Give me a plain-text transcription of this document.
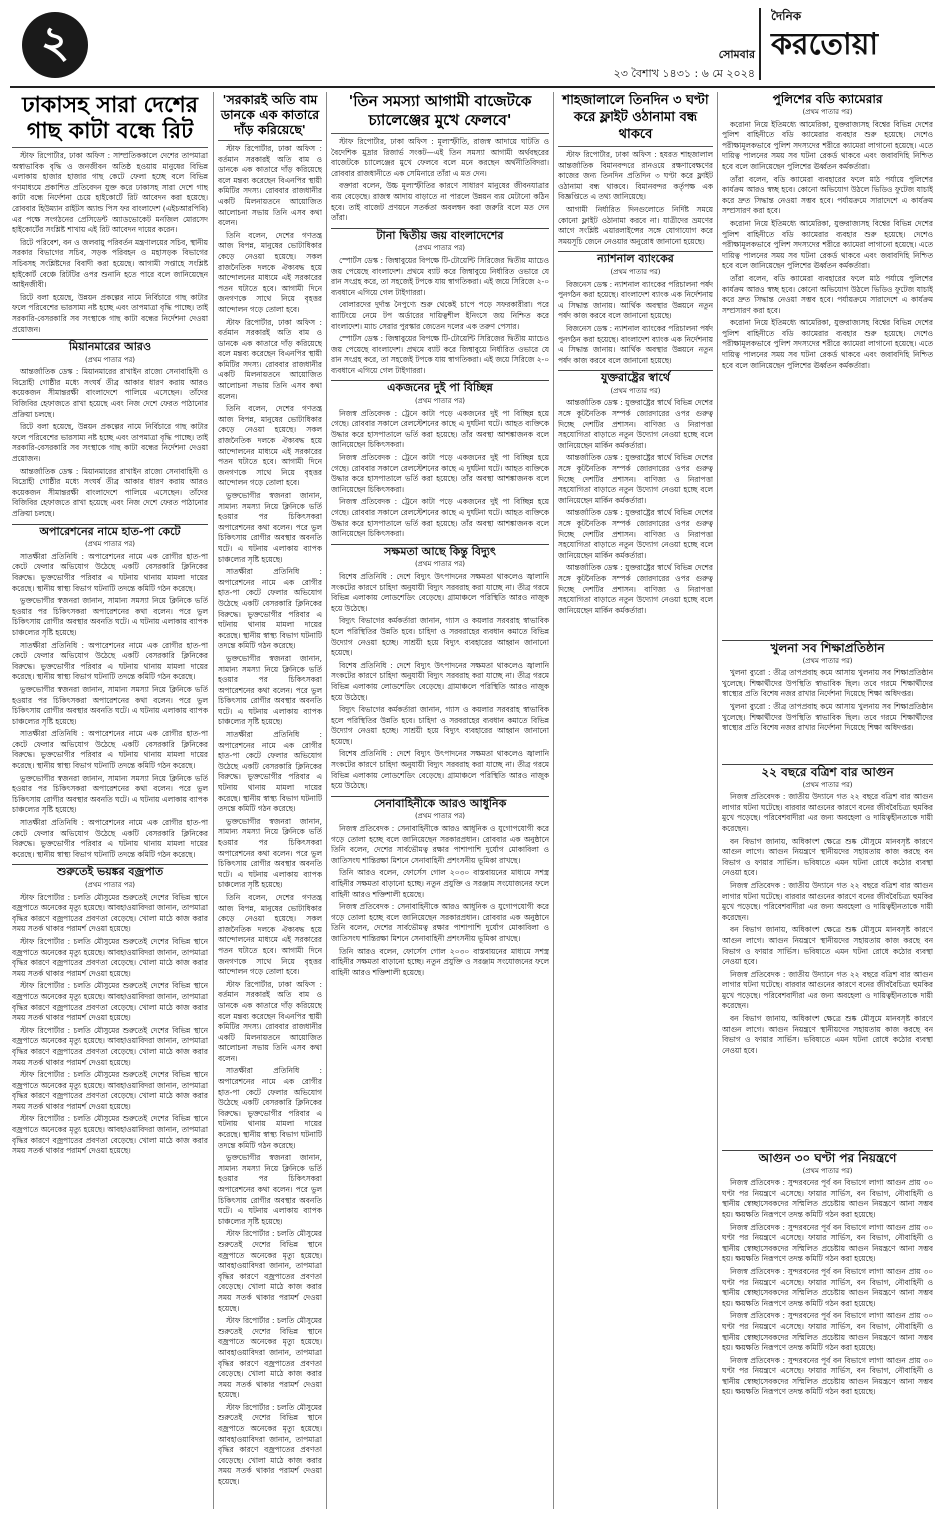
২	সোমবার
২৩ বৈশাখ ১৪৩১ : ৬ মে ২০২৪
দৈনিক
করতোয়া
ঢাকাসহ সারা দেশের গাছ কাটা বন্ধে রিট

স্টাফ রিপোর্টার, ঢাকা অফিস : সাম্প্রতিককালে দেশের তাপমাত্রা অস্বাভাবিক বৃদ্ধি ও জনজীবন অতিষ্ঠ হওয়ায় মানুষের বিভিন্ন এলাকায় হাজার হাজার গাছ কেটে ফেলা হচ্ছে বলে বিভিন্ন গণমাধ্যমে প্রকাশিত প্রতিবেদন যুক্ত করে ঢাকাসহ সারা দেশে গাছ কাটা বন্ধে নির্দেশনা চেয়ে হাইকোর্টে রিট আবেদন করা হয়েছে। রোববার হিউম্যান রাইটস অ্যান্ড পিস ফর বাংলাদেশ (এইচআরপিবি) এর পক্ষে সংগঠনের প্রেসিডেন্ট অ্যাডভোকেট মনজিল মোরসেদ হাইকোর্টের সংশ্লিষ্ট শাখায় এই রিট আবেদন দায়ের করেন।

রিটে পরিবেশ, বন ও জলবায়ু পরিবর্তন মন্ত্রণালয়ের সচিব, স্থানীয় সরকার বিভাগের সচিব, সড়ক পরিবহন ও মহাসড়ক বিভাগের সচিবসহ সংশ্লিষ্টদের বিবাদী করা হয়েছে। আগামী সপ্তাহে সংশ্লিষ্ট হাইকোর্ট বেঞ্চে রিটটির ওপর শুনানি হতে পারে বলে জানিয়েছেন আইনজীবী।

রিটে বলা হয়েছে, উন্নয়ন প্রকল্পের নামে নির্বিচারে গাছ কাটার ফলে পরিবেশের ভারসাম্য নষ্ট হচ্ছে এবং তাপমাত্রা বৃদ্ধি পাচ্ছে। তাই সরকারি-বেসরকারি সব সংস্থাকে গাছ কাটা বন্ধের নির্দেশনা দেওয়া প্রয়োজন।

মিয়ানমারের আরও
(প্রথম পাতার পর)

আন্তর্জাতিক ডেস্ক : মিয়ানমারের রাখাইন রাজ্যে সেনাবাহিনী ও বিদ্রোহী গোষ্ঠীর মধ্যে সংঘর্ষ তীব্র আকার ধারণ করায় আরও কয়েকজন সীমান্তরক্ষী বাংলাদেশে পালিয়ে এসেছেন। তাঁদের বিজিবির হেফাজতে রাখা হয়েছে এবং নিজ দেশে ফেরত পাঠানোর প্রক্রিয়া চলছে।

রিটে বলা হয়েছে, উন্নয়ন প্রকল্পের নামে নির্বিচারে গাছ কাটার ফলে পরিবেশের ভারসাম্য নষ্ট হচ্ছে এবং তাপমাত্রা বৃদ্ধি পাচ্ছে। তাই সরকারি-বেসরকারি সব সংস্থাকে গাছ কাটা বন্ধের নির্দেশনা দেওয়া প্রয়োজন।

আন্তর্জাতিক ডেস্ক : মিয়ানমারের রাখাইন রাজ্যে সেনাবাহিনী ও বিদ্রোহী গোষ্ঠীর মধ্যে সংঘর্ষ তীব্র আকার ধারণ করায় আরও কয়েকজন সীমান্তরক্ষী বাংলাদেশে পালিয়ে এসেছেন। তাঁদের বিজিবির হেফাজতে রাখা হয়েছে এবং নিজ দেশে ফেরত পাঠানোর প্রক্রিয়া চলছে।

অপারেশনের নামে হাত-পা কেটে
(প্রথম পাতার পর)

সাতক্ষীরা প্রতিনিধি : অপারেশনের নামে এক রোগীর হাত-পা কেটে ফেলার অভিযোগ উঠেছে একটি বেসরকারি ক্লিনিকের বিরুদ্ধে। ভুক্তভোগীর পরিবার এ ঘটনায় থানায় মামলা দায়ের করেছে। স্থানীয় স্বাস্থ্য বিভাগ ঘটনাটি তদন্তে কমিটি গঠন করেছে।

ভুক্তভোগীর স্বজনরা জানান, সামান্য সমস্যা নিয়ে ক্লিনিকে ভর্তি হওয়ার পর চিকিৎসকরা অপারেশনের কথা বলেন। পরে ভুল চিকিৎসায় রোগীর অবস্থার অবনতি ঘটে। এ ঘটনায় এলাকায় ব্যাপক চাঞ্চল্যের সৃষ্টি হয়েছে।

সাতক্ষীরা প্রতিনিধি : অপারেশনের নামে এক রোগীর হাত-পা কেটে ফেলার অভিযোগ উঠেছে একটি বেসরকারি ক্লিনিকের বিরুদ্ধে। ভুক্তভোগীর পরিবার এ ঘটনায় থানায় মামলা দায়ের করেছে। স্থানীয় স্বাস্থ্য বিভাগ ঘটনাটি তদন্তে কমিটি গঠন করেছে।

ভুক্তভোগীর স্বজনরা জানান, সামান্য সমস্যা নিয়ে ক্লিনিকে ভর্তি হওয়ার পর চিকিৎসকরা অপারেশনের কথা বলেন। পরে ভুল চিকিৎসায় রোগীর অবস্থার অবনতি ঘটে। এ ঘটনায় এলাকায় ব্যাপক চাঞ্চল্যের সৃষ্টি হয়েছে।

সাতক্ষীরা প্রতিনিধি : অপারেশনের নামে এক রোগীর হাত-পা কেটে ফেলার অভিযোগ উঠেছে একটি বেসরকারি ক্লিনিকের বিরুদ্ধে। ভুক্তভোগীর পরিবার এ ঘটনায় থানায় মামলা দায়ের করেছে। স্থানীয় স্বাস্থ্য বিভাগ ঘটনাটি তদন্তে কমিটি গঠন করেছে।

ভুক্তভোগীর স্বজনরা জানান, সামান্য সমস্যা নিয়ে ক্লিনিকে ভর্তি হওয়ার পর চিকিৎসকরা অপারেশনের কথা বলেন। পরে ভুল চিকিৎসায় রোগীর অবস্থার অবনতি ঘটে। এ ঘটনায় এলাকায় ব্যাপক চাঞ্চল্যের সৃষ্টি হয়েছে।

সাতক্ষীরা প্রতিনিধি : অপারেশনের নামে এক রোগীর হাত-পা কেটে ফেলার অভিযোগ উঠেছে একটি বেসরকারি ক্লিনিকের বিরুদ্ধে। ভুক্তভোগীর পরিবার এ ঘটনায় থানায় মামলা দায়ের করেছে। স্থানীয় স্বাস্থ্য বিভাগ ঘটনাটি তদন্তে কমিটি গঠন করেছে।

শুরুতেই ভয়ঙ্কর বজ্রপাত
(প্রথম পাতার পর)

স্টাফ রিপোর্টার : চলতি মৌসুমের শুরুতেই দেশের বিভিন্ন স্থানে বজ্রপাতে অনেকের মৃত্যু হয়েছে। আবহাওয়াবিদরা জানান, তাপমাত্রা বৃদ্ধির কারণে বজ্রপাতের প্রবণতা বেড়েছে। খোলা মাঠে কাজ করার সময় সতর্ক থাকার পরামর্শ দেওয়া হয়েছে।

স্টাফ রিপোর্টার : চলতি মৌসুমের শুরুতেই দেশের বিভিন্ন স্থানে বজ্রপাতে অনেকের মৃত্যু হয়েছে। আবহাওয়াবিদরা জানান, তাপমাত্রা বৃদ্ধির কারণে বজ্রপাতের প্রবণতা বেড়েছে। খোলা মাঠে কাজ করার সময় সতর্ক থাকার পরামর্শ দেওয়া হয়েছে।

স্টাফ রিপোর্টার : চলতি মৌসুমের শুরুতেই দেশের বিভিন্ন স্থানে বজ্রপাতে অনেকের মৃত্যু হয়েছে। আবহাওয়াবিদরা জানান, তাপমাত্রা বৃদ্ধির কারণে বজ্রপাতের প্রবণতা বেড়েছে। খোলা মাঠে কাজ করার সময় সতর্ক থাকার পরামর্শ দেওয়া হয়েছে।

স্টাফ রিপোর্টার : চলতি মৌসুমের শুরুতেই দেশের বিভিন্ন স্থানে বজ্রপাতে অনেকের মৃত্যু হয়েছে। আবহাওয়াবিদরা জানান, তাপমাত্রা বৃদ্ধির কারণে বজ্রপাতের প্রবণতা বেড়েছে। খোলা মাঠে কাজ করার সময় সতর্ক থাকার পরামর্শ দেওয়া হয়েছে।

স্টাফ রিপোর্টার : চলতি মৌসুমের শুরুতেই দেশের বিভিন্ন স্থানে বজ্রপাতে অনেকের মৃত্যু হয়েছে। আবহাওয়াবিদরা জানান, তাপমাত্রা বৃদ্ধির কারণে বজ্রপাতের প্রবণতা বেড়েছে। খোলা মাঠে কাজ করার সময় সতর্ক থাকার পরামর্শ দেওয়া হয়েছে।

স্টাফ রিপোর্টার : চলতি মৌসুমের শুরুতেই দেশের বিভিন্ন স্থানে বজ্রপাতে অনেকের মৃত্যু হয়েছে। আবহাওয়াবিদরা জানান, তাপমাত্রা বৃদ্ধির কারণে বজ্রপাতের প্রবণতা বেড়েছে। খোলা মাঠে কাজ করার সময় সতর্ক থাকার পরামর্শ দেওয়া হয়েছে।

'সরকারই অতি বাম ডানকে এক কাতারে দাঁড় করিয়েছে'

স্টাফ রিপোর্টার, ঢাকা অফিস : বর্তমান সরকারই অতি বাম ও ডানকে এক কাতারে দাঁড় করিয়েছে বলে মন্তব্য করেছেন বিএনপির স্থায়ী কমিটির সদস্য। রোববার রাজধানীর একটি মিলনায়তনে আয়োজিত আলোচনা সভায় তিনি এসব কথা বলেন।

তিনি বলেন, দেশের গণতন্ত্র আজ বিপন্ন, মানুষের ভোটাধিকার কেড়ে নেওয়া হয়েছে। সকল রাজনৈতিক দলকে ঐক্যবদ্ধ হয়ে আন্দোলনের মাধ্যমে এই সরকারের পতন ঘটাতে হবে। আগামী দিনে জনগণকে সাথে নিয়ে বৃহত্তর আন্দোলন গড়ে তোলা হবে।

স্টাফ রিপোর্টার, ঢাকা অফিস : বর্তমান সরকারই অতি বাম ও ডানকে এক কাতারে দাঁড় করিয়েছে বলে মন্তব্য করেছেন বিএনপির স্থায়ী কমিটির সদস্য। রোববার রাজধানীর একটি মিলনায়তনে আয়োজিত আলোচনা সভায় তিনি এসব কথা বলেন।

তিনি বলেন, দেশের গণতন্ত্র আজ বিপন্ন, মানুষের ভোটাধিকার কেড়ে নেওয়া হয়েছে। সকল রাজনৈতিক দলকে ঐক্যবদ্ধ হয়ে আন্দোলনের মাধ্যমে এই সরকারের পতন ঘটাতে হবে। আগামী দিনে জনগণকে সাথে নিয়ে বৃহত্তর আন্দোলন গড়ে তোলা হবে।

ভুক্তভোগীর স্বজনরা জানান, সামান্য সমস্যা নিয়ে ক্লিনিকে ভর্তি হওয়ার পর চিকিৎসকরা অপারেশনের কথা বলেন। পরে ভুল চিকিৎসায় রোগীর অবস্থার অবনতি ঘটে। এ ঘটনায় এলাকায় ব্যাপক চাঞ্চল্যের সৃষ্টি হয়েছে।

সাতক্ষীরা প্রতিনিধি : অপারেশনের নামে এক রোগীর হাত-পা কেটে ফেলার অভিযোগ উঠেছে একটি বেসরকারি ক্লিনিকের বিরুদ্ধে। ভুক্তভোগীর পরিবার এ ঘটনায় থানায় মামলা দায়ের করেছে। স্থানীয় স্বাস্থ্য বিভাগ ঘটনাটি তদন্তে কমিটি গঠন করেছে।

ভুক্তভোগীর স্বজনরা জানান, সামান্য সমস্যা নিয়ে ক্লিনিকে ভর্তি হওয়ার পর চিকিৎসকরা অপারেশনের কথা বলেন। পরে ভুল চিকিৎসায় রোগীর অবস্থার অবনতি ঘটে। এ ঘটনায় এলাকায় ব্যাপক চাঞ্চল্যের সৃষ্টি হয়েছে।

সাতক্ষীরা প্রতিনিধি : অপারেশনের নামে এক রোগীর হাত-পা কেটে ফেলার অভিযোগ উঠেছে একটি বেসরকারি ক্লিনিকের বিরুদ্ধে। ভুক্তভোগীর পরিবার এ ঘটনায় থানায় মামলা দায়ের করেছে। স্থানীয় স্বাস্থ্য বিভাগ ঘটনাটি তদন্তে কমিটি গঠন করেছে।

ভুক্তভোগীর স্বজনরা জানান, সামান্য সমস্যা নিয়ে ক্লিনিকে ভর্তি হওয়ার পর চিকিৎসকরা অপারেশনের কথা বলেন। পরে ভুল চিকিৎসায় রোগীর অবস্থার অবনতি ঘটে। এ ঘটনায় এলাকায় ব্যাপক চাঞ্চল্যের সৃষ্টি হয়েছে।

তিনি বলেন, দেশের গণতন্ত্র আজ বিপন্ন, মানুষের ভোটাধিকার কেড়ে নেওয়া হয়েছে। সকল রাজনৈতিক দলকে ঐক্যবদ্ধ হয়ে আন্দোলনের মাধ্যমে এই সরকারের পতন ঘটাতে হবে। আগামী দিনে জনগণকে সাথে নিয়ে বৃহত্তর আন্দোলন গড়ে তোলা হবে।

স্টাফ রিপোর্টার, ঢাকা অফিস : বর্তমান সরকারই অতি বাম ও ডানকে এক কাতারে দাঁড় করিয়েছে বলে মন্তব্য করেছেন বিএনপির স্থায়ী কমিটির সদস্য। রোববার রাজধানীর একটি মিলনায়তনে আয়োজিত আলোচনা সভায় তিনি এসব কথা বলেন।

সাতক্ষীরা প্রতিনিধি : অপারেশনের নামে এক রোগীর হাত-পা কেটে ফেলার অভিযোগ উঠেছে একটি বেসরকারি ক্লিনিকের বিরুদ্ধে। ভুক্তভোগীর পরিবার এ ঘটনায় থানায় মামলা দায়ের করেছে। স্থানীয় স্বাস্থ্য বিভাগ ঘটনাটি তদন্তে কমিটি গঠন করেছে।

ভুক্তভোগীর স্বজনরা জানান, সামান্য সমস্যা নিয়ে ক্লিনিকে ভর্তি হওয়ার পর চিকিৎসকরা অপারেশনের কথা বলেন। পরে ভুল চিকিৎসায় রোগীর অবস্থার অবনতি ঘটে। এ ঘটনায় এলাকায় ব্যাপক চাঞ্চল্যের সৃষ্টি হয়েছে।

স্টাফ রিপোর্টার : চলতি মৌসুমের শুরুতেই দেশের বিভিন্ন স্থানে বজ্রপাতে অনেকের মৃত্যু হয়েছে। আবহাওয়াবিদরা জানান, তাপমাত্রা বৃদ্ধির কারণে বজ্রপাতের প্রবণতা বেড়েছে। খোলা মাঠে কাজ করার সময় সতর্ক থাকার পরামর্শ দেওয়া হয়েছে।

স্টাফ রিপোর্টার : চলতি মৌসুমের শুরুতেই দেশের বিভিন্ন স্থানে বজ্রপাতে অনেকের মৃত্যু হয়েছে। আবহাওয়াবিদরা জানান, তাপমাত্রা বৃদ্ধির কারণে বজ্রপাতের প্রবণতা বেড়েছে। খোলা মাঠে কাজ করার সময় সতর্ক থাকার পরামর্শ দেওয়া হয়েছে।

স্টাফ রিপোর্টার : চলতি মৌসুমের শুরুতেই দেশের বিভিন্ন স্থানে বজ্রপাতে অনেকের মৃত্যু হয়েছে। আবহাওয়াবিদরা জানান, তাপমাত্রা বৃদ্ধির কারণে বজ্রপাতের প্রবণতা বেড়েছে। খোলা মাঠে কাজ করার সময় সতর্ক থাকার পরামর্শ দেওয়া হয়েছে।

'তিন সমস্যা আগামী বাজেটকে চ্যালেঞ্জের মুখে ফেলবে'

স্টাফ রিপোর্টার, ঢাকা অফিস : মূল্যস্ফীতি, রাজস্ব আদায়ে ঘাটতি ও বৈদেশিক মুদ্রার রিজার্ভ সংকট—এই তিন সমস্যা আগামী অর্থবছরের বাজেটকে চ্যালেঞ্জের মুখে ফেলবে বলে মনে করছেন অর্থনীতিবিদরা। রোববার রাজধানীতে এক সেমিনারে তাঁরা এ মত দেন।

বক্তারা বলেন, উচ্চ মূল্যস্ফীতির কারণে সাধারণ মানুষের জীবনযাত্রার ব্যয় বেড়েছে। রাজস্ব আদায় বাড়াতে না পারলে উন্নয়ন ব্যয় মেটানো কঠিন হবে। তাই বাজেট প্রণয়নে সতর্কতা অবলম্বন করা জরুরি বলে মত দেন তাঁরা।

টানা দ্বিতীয় জয় বাংলাদেশের
(প্রথম পাতার পর)

স্পোর্টস ডেস্ক : জিম্বাবুয়ের বিপক্ষে টি-টোয়েন্টি সিরিজের দ্বিতীয় ম্যাচেও জয় পেয়েছে বাংলাদেশ। প্রথমে ব্যাট করে জিম্বাবুয়ে নির্ধারিত ওভারে যে রান সংগ্রহ করে, তা সহজেই টপকে যায় স্বাগতিকরা। এই জয়ে সিরিজে ২-০ ব্যবধানে এগিয়ে গেল টাইগাররা।

বোলারদের দুর্দান্ত নৈপুণ্যে শুরু থেকেই চাপে পড়ে সফরকারীরা। পরে ব্যাটিংয়ে নেমে টপ অর্ডারের দায়িত্বশীল ইনিংসে জয় নিশ্চিত করে বাংলাদেশ। ম্যাচ সেরার পুরস্কার জেতেন দলের এক তরুণ পেসার।

স্পোর্টস ডেস্ক : জিম্বাবুয়ের বিপক্ষে টি-টোয়েন্টি সিরিজের দ্বিতীয় ম্যাচেও জয় পেয়েছে বাংলাদেশ। প্রথমে ব্যাট করে জিম্বাবুয়ে নির্ধারিত ওভারে যে রান সংগ্রহ করে, তা সহজেই টপকে যায় স্বাগতিকরা। এই জয়ে সিরিজে ২-০ ব্যবধানে এগিয়ে গেল টাইগাররা।

একজনের দুই পা বিচ্ছিন্ন
(প্রথম পাতার পর)

নিজস্ব প্রতিবেদক : ট্রেনে কাটা পড়ে একজনের দুই পা বিচ্ছিন্ন হয়ে গেছে। রোববার সকালে রেলস্টেশনের কাছে এ দুর্ঘটনা ঘটে। আহত ব্যক্তিকে উদ্ধার করে হাসপাতালে ভর্তি করা হয়েছে। তাঁর অবস্থা আশঙ্কাজনক বলে জানিয়েছেন চিকিৎসকরা।

নিজস্ব প্রতিবেদক : ট্রেনে কাটা পড়ে একজনের দুই পা বিচ্ছিন্ন হয়ে গেছে। রোববার সকালে রেলস্টেশনের কাছে এ দুর্ঘটনা ঘটে। আহত ব্যক্তিকে উদ্ধার করে হাসপাতালে ভর্তি করা হয়েছে। তাঁর অবস্থা আশঙ্কাজনক বলে জানিয়েছেন চিকিৎসকরা।

নিজস্ব প্রতিবেদক : ট্রেনে কাটা পড়ে একজনের দুই পা বিচ্ছিন্ন হয়ে গেছে। রোববার সকালে রেলস্টেশনের কাছে এ দুর্ঘটনা ঘটে। আহত ব্যক্তিকে উদ্ধার করে হাসপাতালে ভর্তি করা হয়েছে। তাঁর অবস্থা আশঙ্কাজনক বলে জানিয়েছেন চিকিৎসকরা।

সক্ষমতা আছে কিন্তু বিদ্যুৎ
(প্রথম পাতার পর)

বিশেষ প্রতিনিধি : দেশে বিদ্যুৎ উৎপাদনের সক্ষমতা থাকলেও জ্বালানি সংকটের কারণে চাহিদা অনুযায়ী বিদ্যুৎ সরবরাহ করা যাচ্ছে না। তীব্র গরমে বিভিন্ন এলাকায় লোডশেডিং বেড়েছে। গ্রামাঞ্চলে পরিস্থিতি আরও নাজুক হয়ে উঠেছে।

বিদ্যুৎ বিভাগের কর্মকর্তারা জানান, গ্যাস ও কয়লার সরবরাহ স্বাভাবিক হলে পরিস্থিতির উন্নতি হবে। চাহিদা ও সরবরাহের ব্যবধান কমাতে বিভিন্ন উদ্যোগ নেওয়া হচ্ছে। সাশ্রয়ী হয়ে বিদ্যুৎ ব্যবহারের আহ্বান জানানো হয়েছে।

বিশেষ প্রতিনিধি : দেশে বিদ্যুৎ উৎপাদনের সক্ষমতা থাকলেও জ্বালানি সংকটের কারণে চাহিদা অনুযায়ী বিদ্যুৎ সরবরাহ করা যাচ্ছে না। তীব্র গরমে বিভিন্ন এলাকায় লোডশেডিং বেড়েছে। গ্রামাঞ্চলে পরিস্থিতি আরও নাজুক হয়ে উঠেছে।

বিদ্যুৎ বিভাগের কর্মকর্তারা জানান, গ্যাস ও কয়লার সরবরাহ স্বাভাবিক হলে পরিস্থিতির উন্নতি হবে। চাহিদা ও সরবরাহের ব্যবধান কমাতে বিভিন্ন উদ্যোগ নেওয়া হচ্ছে। সাশ্রয়ী হয়ে বিদ্যুৎ ব্যবহারের আহ্বান জানানো হয়েছে।

বিশেষ প্রতিনিধি : দেশে বিদ্যুৎ উৎপাদনের সক্ষমতা থাকলেও জ্বালানি সংকটের কারণে চাহিদা অনুযায়ী বিদ্যুৎ সরবরাহ করা যাচ্ছে না। তীব্র গরমে বিভিন্ন এলাকায় লোডশেডিং বেড়েছে। গ্রামাঞ্চলে পরিস্থিতি আরও নাজুক হয়ে উঠেছে।

সেনাবাহিনীকে আরও আধুনিক
(প্রথম পাতার পর)

নিজস্ব প্রতিবেদক : সেনাবাহিনীকে আরও আধুনিক ও যুগোপযোগী করে গড়ে তোলা হচ্ছে বলে জানিয়েছেন সরকারপ্রধান। রোববার এক অনুষ্ঠানে তিনি বলেন, দেশের সার্বভৌমত্ব রক্ষার পাশাপাশি দুর্যোগ মোকাবিলা ও জাতিসংঘ শান্তিরক্ষা মিশনে সেনাবাহিনী প্রশংসনীয় ভূমিকা রাখছে।

তিনি আরও বলেন, ফোর্সেস গোল ২০৩০ বাস্তবায়নের মাধ্যমে সশস্ত্র বাহিনীর সক্ষমতা বাড়ানো হচ্ছে। নতুন প্রযুক্তি ও সরঞ্জাম সংযোজনের ফলে বাহিনী আরও শক্তিশালী হয়েছে।

নিজস্ব প্রতিবেদক : সেনাবাহিনীকে আরও আধুনিক ও যুগোপযোগী করে গড়ে তোলা হচ্ছে বলে জানিয়েছেন সরকারপ্রধান। রোববার এক অনুষ্ঠানে তিনি বলেন, দেশের সার্বভৌমত্ব রক্ষার পাশাপাশি দুর্যোগ মোকাবিলা ও জাতিসংঘ শান্তিরক্ষা মিশনে সেনাবাহিনী প্রশংসনীয় ভূমিকা রাখছে।

তিনি আরও বলেন, ফোর্সেস গোল ২০৩০ বাস্তবায়নের মাধ্যমে সশস্ত্র বাহিনীর সক্ষমতা বাড়ানো হচ্ছে। নতুন প্রযুক্তি ও সরঞ্জাম সংযোজনের ফলে বাহিনী আরও শক্তিশালী হয়েছে।

শাহজালালে তিনদিন ৩ ঘণ্টা করে ফ্লাইট ওঠানামা বন্ধ থাকবে

স্টাফ রিপোর্টার, ঢাকা অফিস : হযরত শাহজালাল আন্তর্জাতিক বিমানবন্দরে রানওয়ে রক্ষণাবেক্ষণের কাজের জন্য তিনদিন প্রতিদিন ৩ ঘণ্টা করে ফ্লাইট ওঠানামা বন্ধ থাকবে। বিমানবন্দর কর্তৃপক্ষ এক বিজ্ঞপ্তিতে এ তথ্য জানিয়েছে।

আগামী নির্ধারিত দিনগুলোতে নির্দিষ্ট সময়ে কোনো ফ্লাইট ওঠানামা করবে না। যাত্রীদের ভ্রমণের আগে সংশ্লিষ্ট এয়ারলাইন্সের সঙ্গে যোগাযোগ করে সময়সূচি জেনে নেওয়ার অনুরোধ জানানো হয়েছে।

ন্যাশনাল ব্যাংকের
(প্রথম পাতার পর)

বিজনেস ডেস্ক : ন্যাশনাল ব্যাংকের পরিচালনা পর্ষদ পুনর্গঠন করা হয়েছে। বাংলাদেশ ব্যাংক এক নির্দেশনায় এ সিদ্ধান্ত জানায়। আর্থিক অবস্থার উন্নয়নে নতুন পর্ষদ কাজ করবে বলে জানানো হয়েছে।

বিজনেস ডেস্ক : ন্যাশনাল ব্যাংকের পরিচালনা পর্ষদ পুনর্গঠন করা হয়েছে। বাংলাদেশ ব্যাংক এক নির্দেশনায় এ সিদ্ধান্ত জানায়। আর্থিক অবস্থার উন্নয়নে নতুন পর্ষদ কাজ করবে বলে জানানো হয়েছে।

যুক্তরাষ্ট্রের স্বার্থে
(প্রথম পাতার পর)

আন্তর্জাতিক ডেস্ক : যুক্তরাষ্ট্রের স্বার্থে বিভিন্ন দেশের সঙ্গে কূটনৈতিক সম্পর্ক জোরদারের ওপর গুরুত্ব দিচ্ছে দেশটির প্রশাসন। বাণিজ্য ও নিরাপত্তা সহযোগিতা বাড়াতে নতুন উদ্যোগ নেওয়া হচ্ছে বলে জানিয়েছেন মার্কিন কর্মকর্তারা।

আন্তর্জাতিক ডেস্ক : যুক্তরাষ্ট্রের স্বার্থে বিভিন্ন দেশের সঙ্গে কূটনৈতিক সম্পর্ক জোরদারের ওপর গুরুত্ব দিচ্ছে দেশটির প্রশাসন। বাণিজ্য ও নিরাপত্তা সহযোগিতা বাড়াতে নতুন উদ্যোগ নেওয়া হচ্ছে বলে জানিয়েছেন মার্কিন কর্মকর্তারা।

আন্তর্জাতিক ডেস্ক : যুক্তরাষ্ট্রের স্বার্থে বিভিন্ন দেশের সঙ্গে কূটনৈতিক সম্পর্ক জোরদারের ওপর গুরুত্ব দিচ্ছে দেশটির প্রশাসন। বাণিজ্য ও নিরাপত্তা সহযোগিতা বাড়াতে নতুন উদ্যোগ নেওয়া হচ্ছে বলে জানিয়েছেন মার্কিন কর্মকর্তারা।

আন্তর্জাতিক ডেস্ক : যুক্তরাষ্ট্রের স্বার্থে বিভিন্ন দেশের সঙ্গে কূটনৈতিক সম্পর্ক জোরদারের ওপর গুরুত্ব দিচ্ছে দেশটির প্রশাসন। বাণিজ্য ও নিরাপত্তা সহযোগিতা বাড়াতে নতুন উদ্যোগ নেওয়া হচ্ছে বলে জানিয়েছেন মার্কিন কর্মকর্তারা।

পুলিশের বডি ক্যামেরার
(প্রথম পাতার পর)

করোনা নিয়ে ইতিমধ্যে আমেরিকা, যুক্তরাজ্যসহ বিশ্বের বিভিন্ন দেশের পুলিশ বাহিনীতে বডি ক্যামেরার ব্যবহার শুরু হয়েছে। দেশেও পরীক্ষামূলকভাবে পুলিশ সদস্যদের শরীরে ক্যামেরা লাগানো হয়েছে। এতে দায়িত্ব পালনের সময় সব ঘটনা রেকর্ড থাকবে এবং জবাবদিহি নিশ্চিত হবে বলে জানিয়েছেন পুলিশের ঊর্ধ্বতন কর্মকর্তারা।

তাঁরা বলেন, বডি ক্যামেরা ব্যবহারের ফলে মাঠ পর্যায়ে পুলিশের কার্যক্রম আরও স্বচ্ছ হবে। কোনো অভিযোগ উঠলে ভিডিও ফুটেজ যাচাই করে দ্রুত সিদ্ধান্ত নেওয়া সম্ভব হবে। পর্যায়ক্রমে সারাদেশে এ কার্যক্রম সম্প্রসারণ করা হবে।

করোনা নিয়ে ইতিমধ্যে আমেরিকা, যুক্তরাজ্যসহ বিশ্বের বিভিন্ন দেশের পুলিশ বাহিনীতে বডি ক্যামেরার ব্যবহার শুরু হয়েছে। দেশেও পরীক্ষামূলকভাবে পুলিশ সদস্যদের শরীরে ক্যামেরা লাগানো হয়েছে। এতে দায়িত্ব পালনের সময় সব ঘটনা রেকর্ড থাকবে এবং জবাবদিহি নিশ্চিত হবে বলে জানিয়েছেন পুলিশের ঊর্ধ্বতন কর্মকর্তারা।

তাঁরা বলেন, বডি ক্যামেরা ব্যবহারের ফলে মাঠ পর্যায়ে পুলিশের কার্যক্রম আরও স্বচ্ছ হবে। কোনো অভিযোগ উঠলে ভিডিও ফুটেজ যাচাই করে দ্রুত সিদ্ধান্ত নেওয়া সম্ভব হবে। পর্যায়ক্রমে সারাদেশে এ কার্যক্রম সম্প্রসারণ করা হবে।

করোনা নিয়ে ইতিমধ্যে আমেরিকা, যুক্তরাজ্যসহ বিশ্বের বিভিন্ন দেশের পুলিশ বাহিনীতে বডি ক্যামেরার ব্যবহার শুরু হয়েছে। দেশেও পরীক্ষামূলকভাবে পুলিশ সদস্যদের শরীরে ক্যামেরা লাগানো হয়েছে। এতে দায়িত্ব পালনের সময় সব ঘটনা রেকর্ড থাকবে এবং জবাবদিহি নিশ্চিত হবে বলে জানিয়েছেন পুলিশের ঊর্ধ্বতন কর্মকর্তারা।

খুলনা সব শিক্ষাপ্রতিষ্ঠান
(প্রথম পাতার পর)

খুলনা ব্যুরো : তীব্র তাপপ্রবাহ কমে আসায় খুলনায় সব শিক্ষাপ্রতিষ্ঠান খুলেছে। শিক্ষার্থীদের উপস্থিতি স্বাভাবিক ছিল। তবে গরমে শিক্ষার্থীদের স্বাস্থ্যের প্রতি বিশেষ নজর রাখার নির্দেশনা দিয়েছে শিক্ষা অধিদপ্তর।

খুলনা ব্যুরো : তীব্র তাপপ্রবাহ কমে আসায় খুলনায় সব শিক্ষাপ্রতিষ্ঠান খুলেছে। শিক্ষার্থীদের উপস্থিতি স্বাভাবিক ছিল। তবে গরমে শিক্ষার্থীদের স্বাস্থ্যের প্রতি বিশেষ নজর রাখার নির্দেশনা দিয়েছে শিক্ষা অধিদপ্তর।

২২ বছরে বত্রিশ বার আগুন
(প্রথম পাতার পর)

নিজস্ব প্রতিবেদক : জাতীয় উদ্যানে গত ২২ বছরে বত্রিশ বার আগুন লাগার ঘটনা ঘটেছে। বারবার আগুনের কারণে বনের জীববৈচিত্র্য হুমকির মুখে পড়েছে। পরিবেশবাদীরা এর জন্য অবহেলা ও দায়িত্বহীনতাকে দায়ী করেছেন।

বন বিভাগ জানায়, অধিকাংশ ক্ষেত্রে শুষ্ক মৌসুমে মানবসৃষ্ট কারণে আগুন লাগে। আগুন নিয়ন্ত্রণে স্থানীয়দের সহায়তায় কাজ করছে বন বিভাগ ও ফায়ার সার্ভিস। ভবিষ্যতে এমন ঘটনা রোধে কঠোর ব্যবস্থা নেওয়া হবে।

নিজস্ব প্রতিবেদক : জাতীয় উদ্যানে গত ২২ বছরে বত্রিশ বার আগুন লাগার ঘটনা ঘটেছে। বারবার আগুনের কারণে বনের জীববৈচিত্র্য হুমকির মুখে পড়েছে। পরিবেশবাদীরা এর জন্য অবহেলা ও দায়িত্বহীনতাকে দায়ী করেছেন।

বন বিভাগ জানায়, অধিকাংশ ক্ষেত্রে শুষ্ক মৌসুমে মানবসৃষ্ট কারণে আগুন লাগে। আগুন নিয়ন্ত্রণে স্থানীয়দের সহায়তায় কাজ করছে বন বিভাগ ও ফায়ার সার্ভিস। ভবিষ্যতে এমন ঘটনা রোধে কঠোর ব্যবস্থা নেওয়া হবে।

নিজস্ব প্রতিবেদক : জাতীয় উদ্যানে গত ২২ বছরে বত্রিশ বার আগুন লাগার ঘটনা ঘটেছে। বারবার আগুনের কারণে বনের জীববৈচিত্র্য হুমকির মুখে পড়েছে। পরিবেশবাদীরা এর জন্য অবহেলা ও দায়িত্বহীনতাকে দায়ী করেছেন।

বন বিভাগ জানায়, অধিকাংশ ক্ষেত্রে শুষ্ক মৌসুমে মানবসৃষ্ট কারণে আগুন লাগে। আগুন নিয়ন্ত্রণে স্থানীয়দের সহায়তায় কাজ করছে বন বিভাগ ও ফায়ার সার্ভিস। ভবিষ্যতে এমন ঘটনা রোধে কঠোর ব্যবস্থা নেওয়া হবে।

আগুন ৩০ ঘণ্টা পর নিয়ন্ত্রণে
(প্রথম পাতার পর)

নিজস্ব প্রতিবেদক : সুন্দরবনের পূর্ব বন বিভাগে লাগা আগুন প্রায় ৩০ ঘণ্টা পর নিয়ন্ত্রণে এসেছে। ফায়ার সার্ভিস, বন বিভাগ, নৌবাহিনী ও স্থানীয় স্বেচ্ছাসেবকদের সম্মিলিত প্রচেষ্টায় আগুন নিয়ন্ত্রণে আনা সম্ভব হয়। ক্ষয়ক্ষতি নিরূপণে তদন্ত কমিটি গঠন করা হয়েছে।

নিজস্ব প্রতিবেদক : সুন্দরবনের পূর্ব বন বিভাগে লাগা আগুন প্রায় ৩০ ঘণ্টা পর নিয়ন্ত্রণে এসেছে। ফায়ার সার্ভিস, বন বিভাগ, নৌবাহিনী ও স্থানীয় স্বেচ্ছাসেবকদের সম্মিলিত প্রচেষ্টায় আগুন নিয়ন্ত্রণে আনা সম্ভব হয়। ক্ষয়ক্ষতি নিরূপণে তদন্ত কমিটি গঠন করা হয়েছে।

নিজস্ব প্রতিবেদক : সুন্দরবনের পূর্ব বন বিভাগে লাগা আগুন প্রায় ৩০ ঘণ্টা পর নিয়ন্ত্রণে এসেছে। ফায়ার সার্ভিস, বন বিভাগ, নৌবাহিনী ও স্থানীয় স্বেচ্ছাসেবকদের সম্মিলিত প্রচেষ্টায় আগুন নিয়ন্ত্রণে আনা সম্ভব হয়। ক্ষয়ক্ষতি নিরূপণে তদন্ত কমিটি গঠন করা হয়েছে।

নিজস্ব প্রতিবেদক : সুন্দরবনের পূর্ব বন বিভাগে লাগা আগুন প্রায় ৩০ ঘণ্টা পর নিয়ন্ত্রণে এসেছে। ফায়ার সার্ভিস, বন বিভাগ, নৌবাহিনী ও স্থানীয় স্বেচ্ছাসেবকদের সম্মিলিত প্রচেষ্টায় আগুন নিয়ন্ত্রণে আনা সম্ভব হয়। ক্ষয়ক্ষতি নিরূপণে তদন্ত কমিটি গঠন করা হয়েছে।

নিজস্ব প্রতিবেদক : সুন্দরবনের পূর্ব বন বিভাগে লাগা আগুন প্রায় ৩০ ঘণ্টা পর নিয়ন্ত্রণে এসেছে। ফায়ার সার্ভিস, বন বিভাগ, নৌবাহিনী ও স্থানীয় স্বেচ্ছাসেবকদের সম্মিলিত প্রচেষ্টায় আগুন নিয়ন্ত্রণে আনা সম্ভব হয়। ক্ষয়ক্ষতি নিরূপণে তদন্ত কমিটি গঠন করা হয়েছে।
